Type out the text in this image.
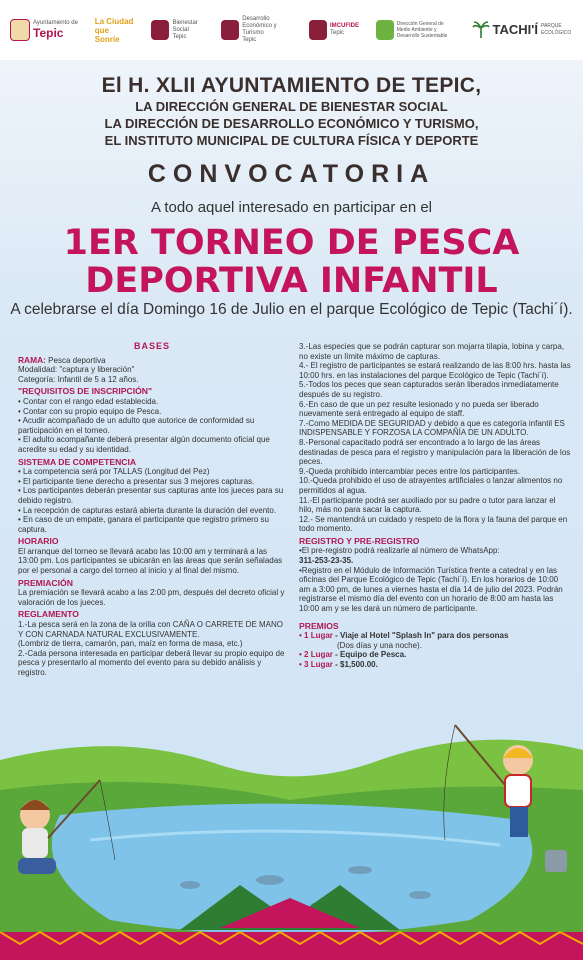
Ayuntamiento de
Tepic
La Ciudad que Sonríe
Bienestar Social
Tepic
Desarrollo Económico y Turismo
Tepic
IMCUFIDE
Tepic
Dirección General de Medio Ambiente y Desarrollo Sustentable	TACHI'Í PARQUE ECOLÓGICO
El H. XLII AYUNTAMIENTO DE TEPIC,
LA DIRECCIÓN GENERAL DE BIENESTAR SOCIAL
LA DIRECCIÓN DE DESARROLLO ECONÓMICO Y TURISMO,
EL INSTITUTO MUNICIPAL DE CULTURA FÍSICA Y DEPORTE
CONVOCATORIA
A todo aquel interesado en participar en el
1ER TORNEO DE PESCA
DEPORTIVA INFANTIL
A celebrarse el día Domingo 16 de Julio en el parque Ecológico de Tepic (Tachi´í).
BASES

RAMA: Pesca deportiva

Modalidad: "captura y liberación"

Categoría: Infantil de 5 a 12 años.

"REQUISITOS DE INSCRIPCIÓN"

• Contar con el rango edad establecida.

• Contar con su propio equipo de Pesca.

• Acudir acompañado de un adulto que autorice de conformidad su participación en el torneo.

• El adulto acompañante deberá presentar algún documento oficial que acredite su edad y su identidad.

SISTEMA DE COMPETENCIA

• La competencia será por TALLAS (Longitud del Pez)

• El participante tiene derecho a presentar sus 3 mejores capturas.

• Los participantes deberán presentar sus capturas ante los jueces para su debido registro.

• La recepción de capturas estará abierta durante la duración del evento.

• En caso de un empate, ganara el participante que registro primero su captura.

HORARIO

El arranque del torneo se llevará acabo las 10:00 am y terminará a las 13:00 pm. Los participantes se ubicarán en las áreas que serán señaladas por el personal a cargo del torneo al inicio y al final del mismo.

PREMIACIÓN

La premiación se llevará acabo a las 2:00 pm, después del decreto oficial y valoración de los jueces.

REGLAMENTO

1.-La pesca será en la zona de la orilla con CAÑA O CARRETE DE MANO Y CON CARNADA NATURAL EXCLUSIVAMENTE.

(Lombriz de tierra, camarón, pan, maíz en forma de masa, etc.)

2.-Cada persona interesada en participar deberá llevar su propio equipo de pesca y presentarlo al momento del evento para su debido análisis y registro.

3.-Las especies que se podrán capturar son mojarra tilapia, lobina y carpa, no existe un límite máximo de capturas.

4.- El registro de participantes se estará realizando de las 8:00 hrs. hasta las 10:00 hrs. en las instalaciones del parque Ecológico de Tepic (Tachi´í).

5.-Todos los peces que sean capturados serán liberados inmediatamente después de su registro.

6.-En caso de que un pez resulte lesionado y no pueda ser liberado nuevamente será entregado al equipo de staff.

7.-Como MEDIDA DE SEGURIDAD y debido a que es categoría infantil ES INDISPENSABLE Y FORZOSA LA COMPAÑÍA DE UN ADULTO.

8.-Personal capacitado podrá ser encontrado a lo largo de las áreas destinadas de pesca para el registro y manipulación para la liberación de los peces.

9.-Queda prohibido intercambiar peces entre los participantes.

10.-Queda prohibido el uso de atrayentes artificiales o lanzar alimentos no permitidos al agua.

11.-El participante podrá ser auxiliado por su padre o tutor para lanzar el hilo, más no para sacar la captura.

12.- Se mantendrá un cuidado y respeto de la flora y la fauna del parque en todo momento.

REGISTRO Y PRE-REGISTRO

•El pre-registro podrá realizarle al número de WhatsApp:

311-253-23-35.

•Registro en el Módulo de Información Turística frente a catedral y en las oficinas del Parque Ecológico de Tepic (Tachi´í). En los horarios de 10:00 am a 3:00 pm, de lunes a viernes hasta el día 14 de julio del 2023. Podrán registrarse el mismo día del evento con un horario de 8:00 am hasta las 10:00 am y se les dará un número de participante.

PREMIOS

• 1 Lugar - Viaje al Hotel "Splash In" para dos personas

(Dos días y una noche).

• 2 Lugar - Equipo de Pesca.

• 3 Lugar - $1,500.00.
